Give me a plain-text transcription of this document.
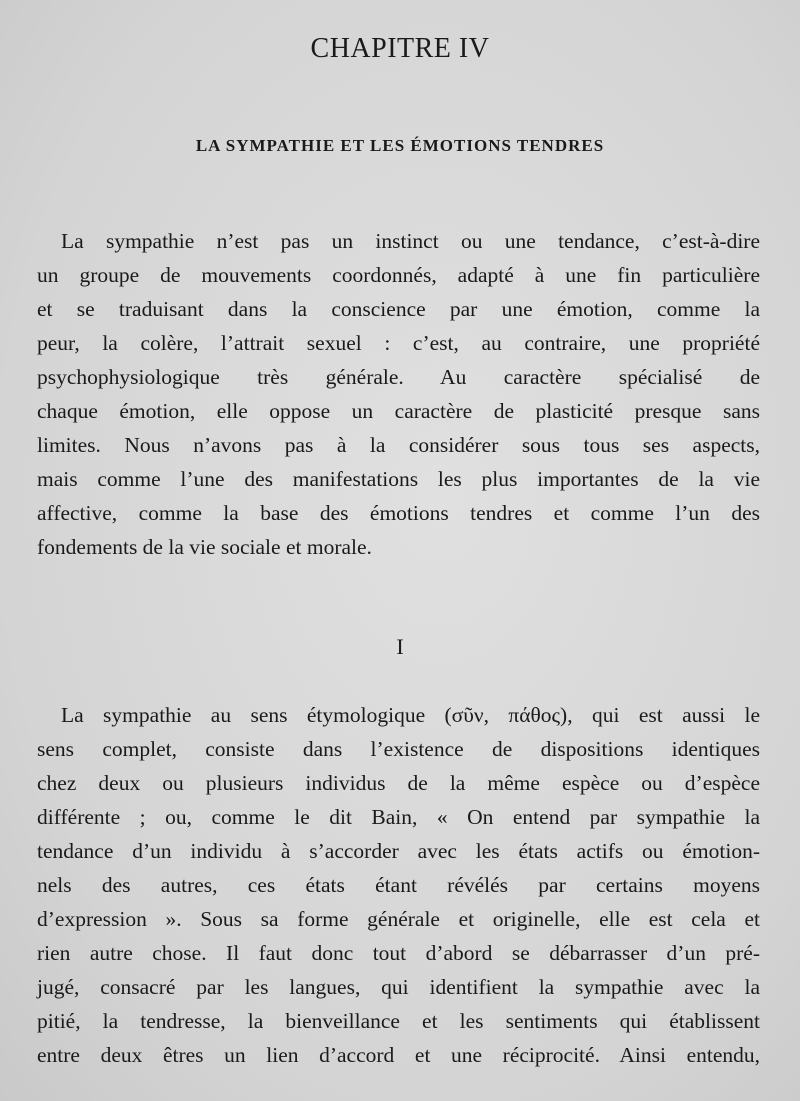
CHAPITRE IV
LA SYMPATHIE ET LES ÉMOTIONS TENDRES
La sympathie n’est pas un instinct ou une tendance, c’est-à-dire
un groupe de mouvements coordonnés, adapté à une fin particulière
et se traduisant dans la conscience par une émotion, comme la
peur, la colère, l’attrait sexuel : c’est, au contraire, une propriété
psychophysiologique très générale. Au caractère spécialisé de
chaque émotion, elle oppose un caractère de plasticité presque sans
limites. Nous n’avons pas à la considérer sous tous ses aspects,
mais comme l’une des manifestations les plus importantes de la vie
affective, comme la base des émotions tendres et comme l’un des
fondements de la vie sociale et morale.
I
La sympathie au sens étymologique (σῦν, πάθος), qui est aussi le
sens complet, consiste dans l’existence de dispositions identiques
chez deux ou plusieurs individus de la même espèce ou d’espèce
différente ; ou, comme le dit Bain, « On entend par sympathie la
tendance d’un individu à s’accorder avec les états actifs ou émotion-
nels des autres, ces états étant révélés par certains moyens
d’expression ». Sous sa forme générale et originelle, elle est cela et
rien autre chose. Il faut donc tout d’abord se débarrasser d’un pré-
jugé, consacré par les langues, qui identifient la sympathie avec la
pitié, la tendresse, la bienveillance et les sentiments qui établissent
entre deux êtres un lien d’accord et une réciprocité. Ainsi entendu,
